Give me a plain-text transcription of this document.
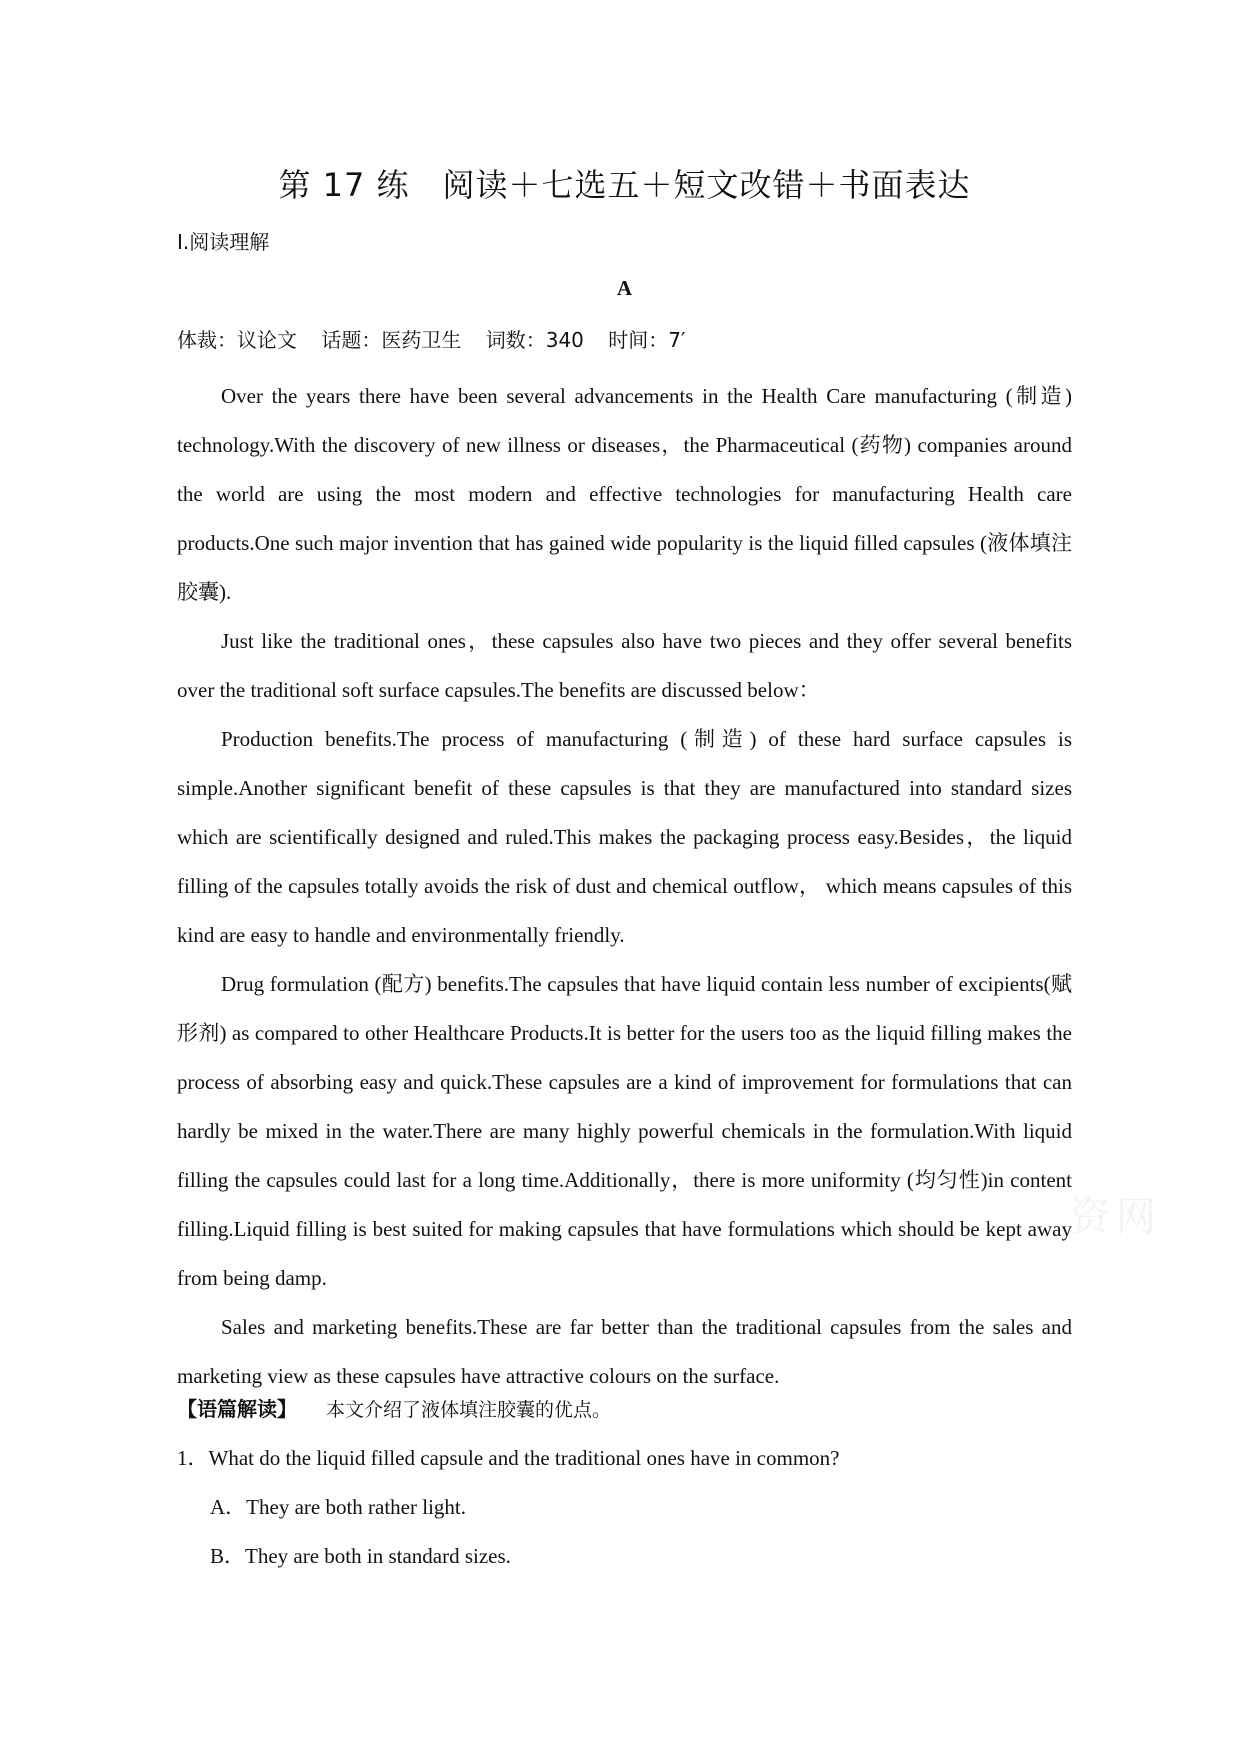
第 17 练　阅读＋七选五＋短文改错＋书面表达
Ⅰ.阅读理解
A
体裁：议论文 话题：医药卫生 词数：340 时间：7′

Over the years there have been several advancements in the Health Care manufacturing (制造) technology.With the discovery of new illness or diseases，the Pharmaceutical (药物) companies around the world are using the most modern and effective technologies for manufacturing Health care products.One such major invention that has gained wide popularity is the liquid filled capsules (液体填注胶囊).

Just like the traditional ones，these capsules also have two pieces and they offer several benefits over the traditional soft surface capsules.The benefits are discussed below：

Production benefits.The process of manufacturing (制造) of these hard surface capsules is simple.Another significant benefit of these capsules is that they are manufactured into standard sizes which are scientifically designed and ruled.This makes the packaging process easy.Besides，the liquid filling of the capsules totally avoids the risk of dust and chemical outflow， which means capsules of this kind are easy to handle and environmentally friendly.

Drug formulation (配方) benefits.The capsules that have liquid contain less number of excipients(赋形剂) as compared to other Healthcare Products.It is better for the users too as the liquid filling makes the process of absorbing easy and quick.These capsules are a kind of improvement for formulations that can hardly be mixed in the water.There are many highly powerful chemicals in the formulation.With liquid filling the capsules could last for a long time.Additionally，there is more uniformity (均匀性)in content filling.Liquid filling is best suited for making capsules that have formulations which should be kept away from being damp.

Sales and marketing benefits.These are far better than the traditional capsules from the sales and marketing view as these capsules have attractive colours on the surface.

【语篇解读】 本文介绍了液体填注胶囊的优点。
1．What do the liquid filled capsule and the traditional ones have in common?
A．They are both rather light.
B．They are both in standard sizes.
资网
